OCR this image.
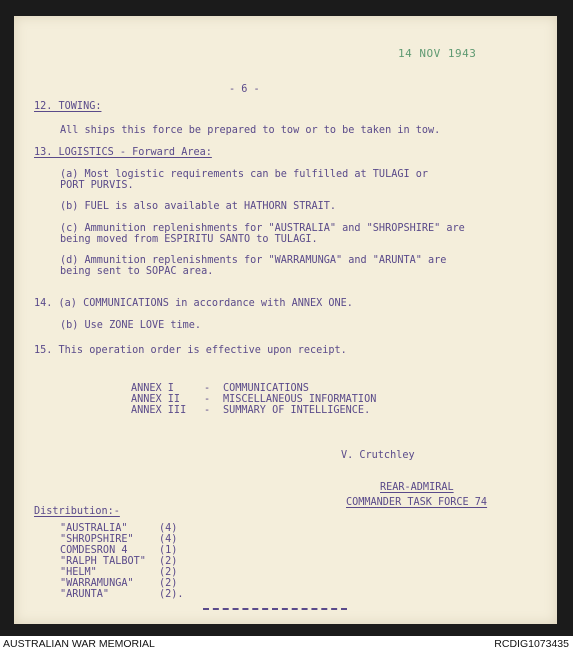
14 NOV 1943
- 6 -
12. TOWING:
All ships this force be prepared to tow or to be taken in tow.
13. LOGISTICS - Forward Area:
(a) Most logistic requirements can be fulfilled at TULAGI or
PORT PURVIS.
(b) FUEL is also available at HATHORN STRAIT.
(c) Ammunition replenishments for "AUSTRALIA" and "SHROPSHIRE" are
being moved from ESPIRITU SANTO to TULAGI.
(d) Ammunition replenishments for "WARRAMUNGA" and "ARUNTA" are
being sent to SOPAC area.
14. (a) COMMUNICATIONS in accordance with ANNEX ONE.
(b) Use ZONE LOVE time.
15. This operation order is effective upon receipt.
ANNEX I	- COMMUNICATIONS
ANNEX II - MISCELLANEOUS INFORMATION
ANNEX III - SUMMARY OF INTELLIGENCE.
V. Crutchley
REAR-ADMIRAL
COMMANDER TASK FORCE 74
Distribution:-
"AUSTRALIA"	(4)
"SHROPSHIRE" (4)
COMDESRON 4	(1)
"RALPH TALBOT" (2)
"HELM"	(2)
"WARRAMUNGA" (2)
"ARUNTA"	(2).
AUSTRALIAN WAR MEMORIAL	RCDIG1073435
